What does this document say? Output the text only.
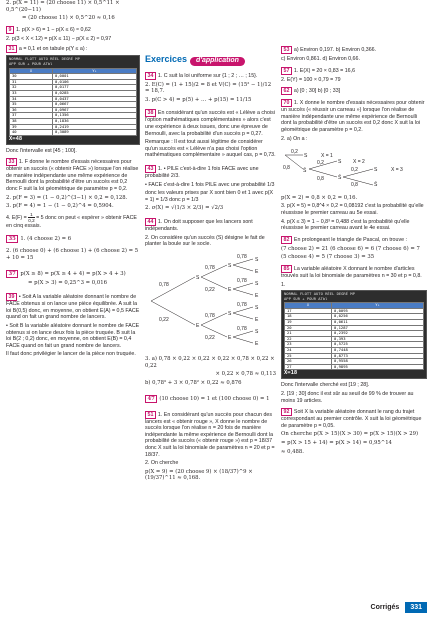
2. p(X = 11) = (20 choose 11) × 0,5^11 × 0,5^(20−11)

= (20 choose 11) × 0,5^20 ≈ 0,16

9 1. p(X > 6) = 1 − p(X ≤ 6) ≈ 0,62

2. p(3 < X < 12) = p(X ≤ 11) − p(X ≤ 2) ≈ 0,97

31 a = 0,1 et on tabule p(Y ≤ a) :

NORMAL FLOTT AUTO RÉEL DEGRÉ MP
APP SUR + POUR ΔTbl
X	Y₁
30	0,0001
31	0,0106
32	0,0177
33	0,0285
34	0,0437
35	0,0667
36	0,0967
37	0,1356
38	0,1836
39	0,2419
40	0,3089
X=48

Donc l'intervalle est [45 ; 100].

33 1. F donne le nombre d'essais nécessaires pour obtenir un succès (« obtenir FACE ») lorsque l'on réalise de manière indépendante une même expérience de Bernoulli dont la probabilité d'être un succès est 0,2 donc F suit la loi géométrique de paramètre p = 0,2.

2. p(F = 3) = (1 − 0,2)^(3−1) × 0,2 = 0,128.

3. p(F = 4) = 1 − (1 − 0,2)^4 = 0,5904.

4. $E(F) = \frac{1}{0,2} = 5$ donc on peut « espérer » obtenir FACE en cinq essais.

35 1. (4 choose 2) = 6

2. (6 choose 0) + (6 choose 1) + (6 choose 2) = 5 + 10 = 15

37 p(X ≥ 8) = p(X ≥ 4 + 4) = p(X > 4 + 3)

= p(X > 3) = 0,25^3 = 0,016

39 • Soit A la variable aléatoire donnant le nombre de FACE obtenus si on lance une pièce équilibrée. A suit la loi B(0,5) donc, en moyenne, on obtient E(A) = 0,5 FACE quand on fait un grand nombre de lancers.

• Soit B la variable aléatoire donnant le nombre de FACE obtenus si on lance deux fois la pièce truquée. B suit la loi B(2 ; 0,2) donc, en moyenne, on obtient E(B) = 0,4 FACE quand on fait un grand nombre de lancers.

Il faut donc privilégier le lancer de la pièce non truquée.

Exercices d'application

34 1. C suit la loi uniforme sur {1 ; 2 ; … ; 15}.

2. E(C) = (1 + 15)/2 = 8 et V(C) = (15² − 1)/12 = 18,7.

3. p(C > 4) = p(5) + … + p(15) = 11/15

38 En considérant qu'un succès est « Lélève a choisi l'option mathématiques complémentaires » alors c'est une expérience à deux issues, donc une épreuve de Bernoulli, avec la probabilité d'un succès p = 0,27.

Remarque : Il est tout aussi légitime de considérer qu'un succès est « Lélève n'a pas choisi l'option mathématiques complémentaire » auquel cas, p = 0,73.

43 1. • PILE c'est-à-dire 1 fois FACE avec une probabilité 2/3.

• FACE c'est-à-dire 1 fois PILE avec une probabilité 1/3

donc les valeurs prises par X sont bien 0 et 1 avec p(X = 1) = 1/3 donc p = 1/3

2. σ(X) = √(1/3 × 2/3) = √2/3

44 1. On doit supposer que les lancers sont indépendants.

2. On considère qu'un succès (S) désigne le fait de planter la boule sur le socle.

0,78
0,22
S
E
0,78
0,22
0,78
0,22
S
E
S
E
0,78 S
E
0,78 S
E
0,78 S
E
0,78 S
E

3. a) 0,78 × 0,22 × 0,22 × 0,22 × 0,78 × 0,22 × 0,22

× 0,22 × 0,78 ≈ 0,113

b) 0,78³ + 3 × 0,78² × 0,22 ≈ 0,876

47 (10 choose 10) = 1 et (100 choose 0) = 1

51 1. En considérant qu'un succès pour chacun des lancers est « obtenir rouge », X donne le nombre de succès lorsque l'on réalise n = 20 fois de manière indépendante la même expérience de Bernoulli dont la probabilité de succès (« obtenir rouge ») est p = 18/37 donc X suit la loi binomiale de paramètres n = 20 et p = 18/37.

2. On cherche

p(X = 9) = (20 choose 9) × (18/37)^9 × (19/37)^11 ≈ 0,168.

53 a) Environ 0,197. b) Environ 0,366.

c) Environ 0,861. d) Environ 0,66.

57 1. E(X) = 20 × 0,83 = 16,6

2. E(Y) = 100 × 0,79 = 79

62 a) [0 ; 30] b) [0 ; 33]

70 1. X donne le nombre d'essais nécessaires pour obtenir un succès (« réussir un carreau ») lorsque l'on réalise de manière indépendante une même expérience de Bernoulli dont la probabilité d'être un succès est 0,2 donc X suit la loi géométrique de paramètre p = 0,2.

2. a) On a :

0,2
S	X = 1
0,8	S̄
0,2	S X = 2
0,8	S̄
0,2	S	X = 3
0,8	S̄

p(X = 2) = 0,8 × 0,2 = 0,16.

3. p(X = 5) = 0,8^4 × 0,2 = 0,08192 c'est la probabilité qu'elle réussisse le premier carreau au 5e essai.

4. p(X ≤ 3) = 1 − 0,8³ = 0,488 c'est la probabilité qu'elle réussisse le premier carreau avant le 4e essai.

82 En prolongeant le triangle de Pascal, on trouve :

(7 choose 2) = 21 (6 choose 6) = 6 (7 choose 6) = 7

(5 choose 4) = 5 (7 choose 3) = 35

85 La variable aléatoire X donnant le nombre d'articles trouvés suit la loi binomiale de paramètres n = 30 et p = 0,8.

1.

NORMAL FLOTT AUTO RÉEL DEGRÉ MP
APP SUR + POUR ΔTbl
X	Y₁
17	0,0095
18	0,0256
19	0,0611
20	0,1287
21	0,2392
22	0,393
23	0,5725
24	0,7448
25	0,8773
26	0,9558
27	0,9895
X=18

Donc l'intervalle cherché est [19 ; 28].

2. [19 ; 30] donc il est sûr au seuil de 99 % de trouver au moins 19 articles.

92 Soit X la variable aléatoire donnant le rang du trajet correspondant au premier contrôle. X suit la loi géométrique de paramètre p = 0,05.

On cherche p(X > 15)(X > 30) = p(X > 15)(X > 29)

= p(X > 15 + 14) = p(X > 14) = 0,95^14

≈ 0,488.

Corrigés	331
